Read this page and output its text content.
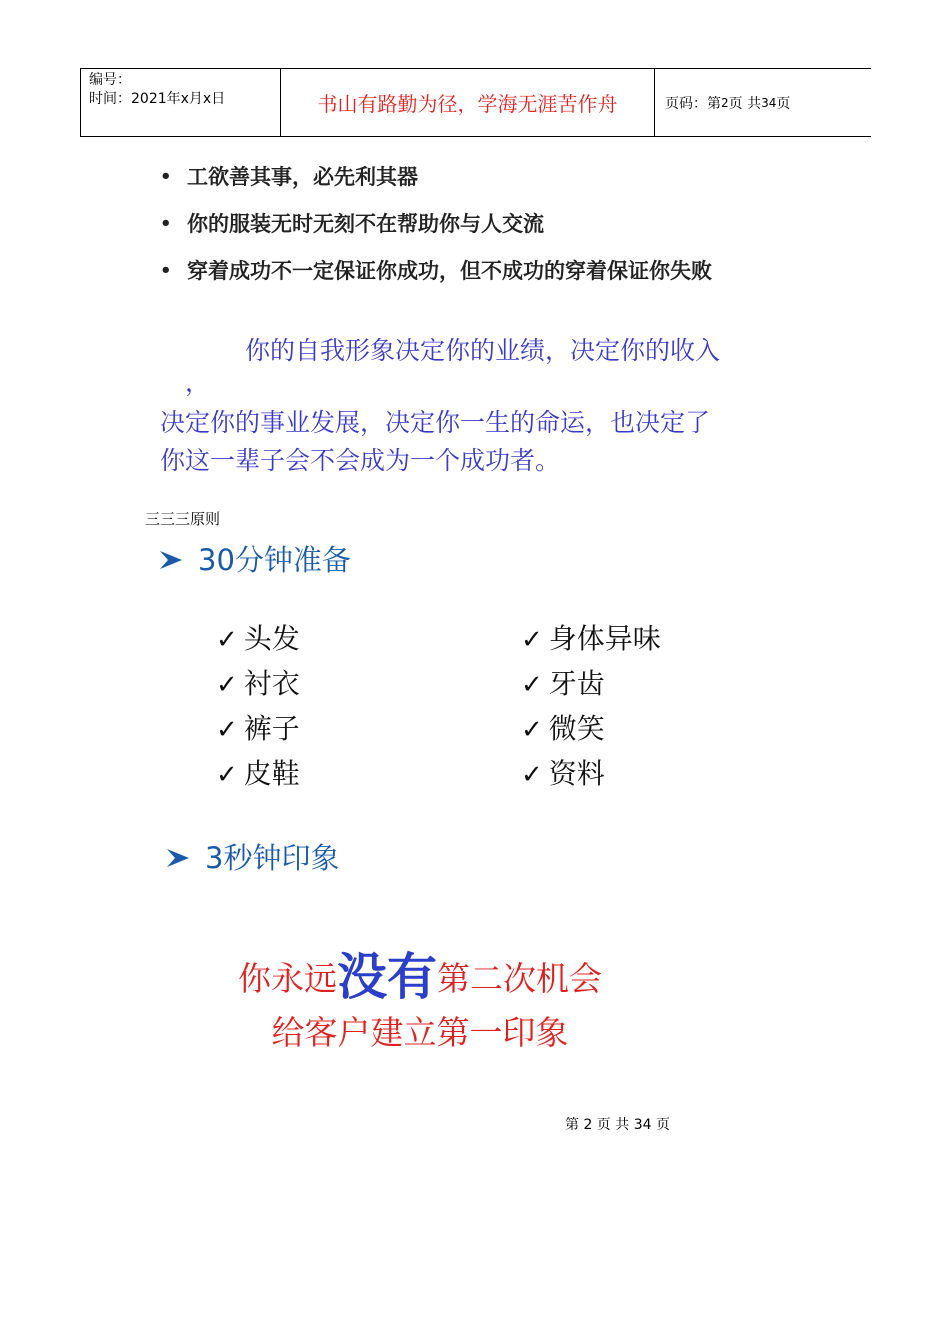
编号：
时间：2021年x月x日	书山有路勤为径，学海无涯苦作舟	页码：第 2 页 共 34 页
• 工欲善其事，必先利其器
• 你的服装无时无刻不在帮助你与人交流
• 穿着成功不一定保证你成功，但不成功的穿着保证你失败
你的自我形象决定你的业绩，决定你的收入
，
决定你的事业发展，决定你一生的命运，也决定了
你这一辈子会不会成为一个成功者。
三三三原则
30分钟准备
✓ 头发	✓ 身体异味
✓ 衬衣	✓ 牙齿
✓ 裤子	✓ 微笑
✓ 皮鞋	✓ 资料
3秒钟印象
你永远没有第二次机会
给客户建立第一印象
第 2 页 共 34 页
